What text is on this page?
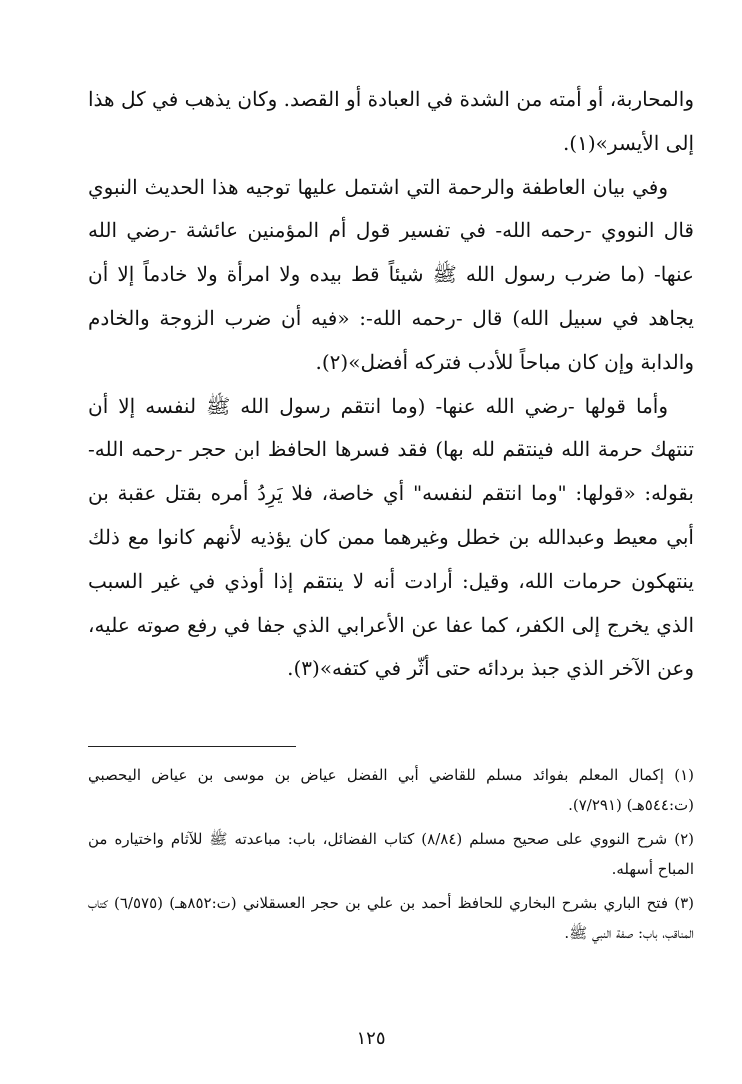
والمحاربة، أو أمته من الشدة في العبادة أو القصد. وكان يذهب في كل هذا إلى الأيسر»(١).

وفي بيان العاطفة والرحمة التي اشتمل عليها توجيه هذا الحديث النبوي قال النووي -رحمه الله- في تفسير قول أم المؤمنين عائشة -رضي الله عنها- (ما ضرب رسول الله ﷺ شيئاً قط بيده ولا امرأة ولا خادماً إلا أن يجاهد في سبيل الله) قال -رحمه الله-: «فيه أن ضرب الزوجة والخادم والدابة وإن كان مباحاً للأدب فتركه أفضل»(٢).

وأما قولها -رضي الله عنها- (وما انتقم رسول الله ﷺ لنفسه إلا أن تنتهك حرمة الله فينتقم لله بها) فقد فسرها الحافظ ابن حجر -رحمه الله- بقوله: «قولها: "وما انتقم لنفسه" أي خاصة، فلا يَرِدُ أمره بقتل عقبة بن أبي معيط وعبدالله بن خطل وغيرهما ممن كان يؤذيه لأنهم كانوا مع ذلك ينتهكون حرمات الله، وقيل: أرادت أنه لا ينتقم إذا أوذي في غير السبب الذي يخرج إلى الكفر، كما عفا عن الأعرابي الذي جفا في رفع صوته عليه، وعن الآخر الذي جبذ بردائه حتى أثّر في كتفه»(٣).

(١) إكمال المعلم بفوائد مسلم للقاضي أبي الفضل عياض بن موسى بن عياض اليحصبي (ت:٥٤٤هـ) (٧/٢٩١).

(٢) شرح النووي على صحيح مسلم (٨/٨٤) كتاب الفضائل، باب: مباعدته ﷺ للآثام واختياره من المباح أسهله.

(٣) فتح الباري بشرح البخاري للحافظ أحمد بن علي بن حجر العسقلاني (ت:٨٥٢هـ) (٦/٥٧٥) كتاب المناقب، باب: صفة النبي ﷺ.

١٢٥
